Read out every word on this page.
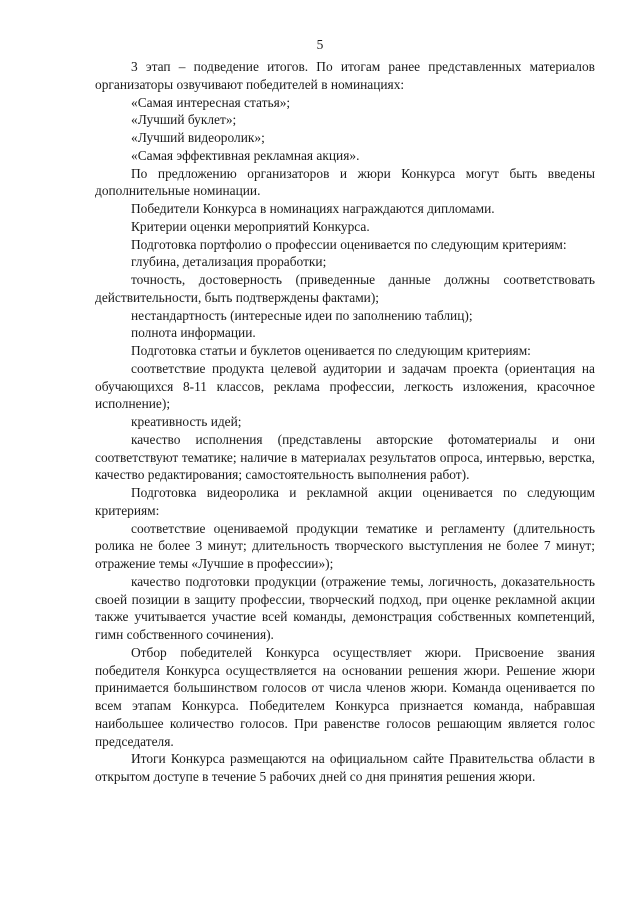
5

3 этап – подведение итогов. По итогам ранее представленных материалов организаторы озвучивают победителей в номинациях:

«Самая интересная статья»;

«Лучший буклет»;

«Лучший видеоролик»;

«Самая эффективная рекламная акция».

По предложению организаторов и жюри Конкурса могут быть введены дополнительные номинации.

Победители Конкурса в номинациях награждаются дипломами.

Критерии оценки мероприятий Конкурса.

Подготовка портфолио о профессии оценивается по следующим критериям:

глубина, детализация проработки;

точность, достоверность (приведенные данные должны соответствовать действительности, быть подтверждены фактами);

нестандартность (интересные идеи по заполнению таблиц);

полнота информации.

Подготовка статьи и буклетов оценивается по следующим критериям:

соответствие продукта целевой аудитории и задачам проекта (ориентация на обучающихся 8-11 классов, реклама профессии, легкость изложения, красочное исполнение);

креативность идей;

качество исполнения (представлены авторские фотоматериалы и они соответствуют тематике; наличие в материалах результатов опроса, интервью, верстка, качество редактирования; самостоятельность выполнения работ).

Подготовка видеоролика и рекламной акции оценивается по следующим критериям:

соответствие оцениваемой продукции тематике и регламенту (длительность ролика не более 3 минут; длительность творческого выступления не более 7 минут; отражение темы «Лучшие в профессии»);

качество подготовки продукции (отражение темы, логичность, доказательность своей позиции в защиту профессии, творческий подход, при оценке рекламной акции также учитывается участие всей команды, демонстрация собственных компетенций, гимн собственного сочинения).

Отбор победителей Конкурса осуществляет жюри. Присвоение звания победителя Конкурса осуществляется на основании решения жюри. Решение жюри принимается большинством голосов от числа членов жюри. Команда оценивается по всем этапам Конкурса. Победителем Конкурса признается команда, набравшая наибольшее количество голосов. При равенстве голосов решающим является голос председателя.

Итоги Конкурса размещаются на официальном сайте Правительства области в открытом доступе в течение 5 рабочих дней со дня принятия решения жюри.
